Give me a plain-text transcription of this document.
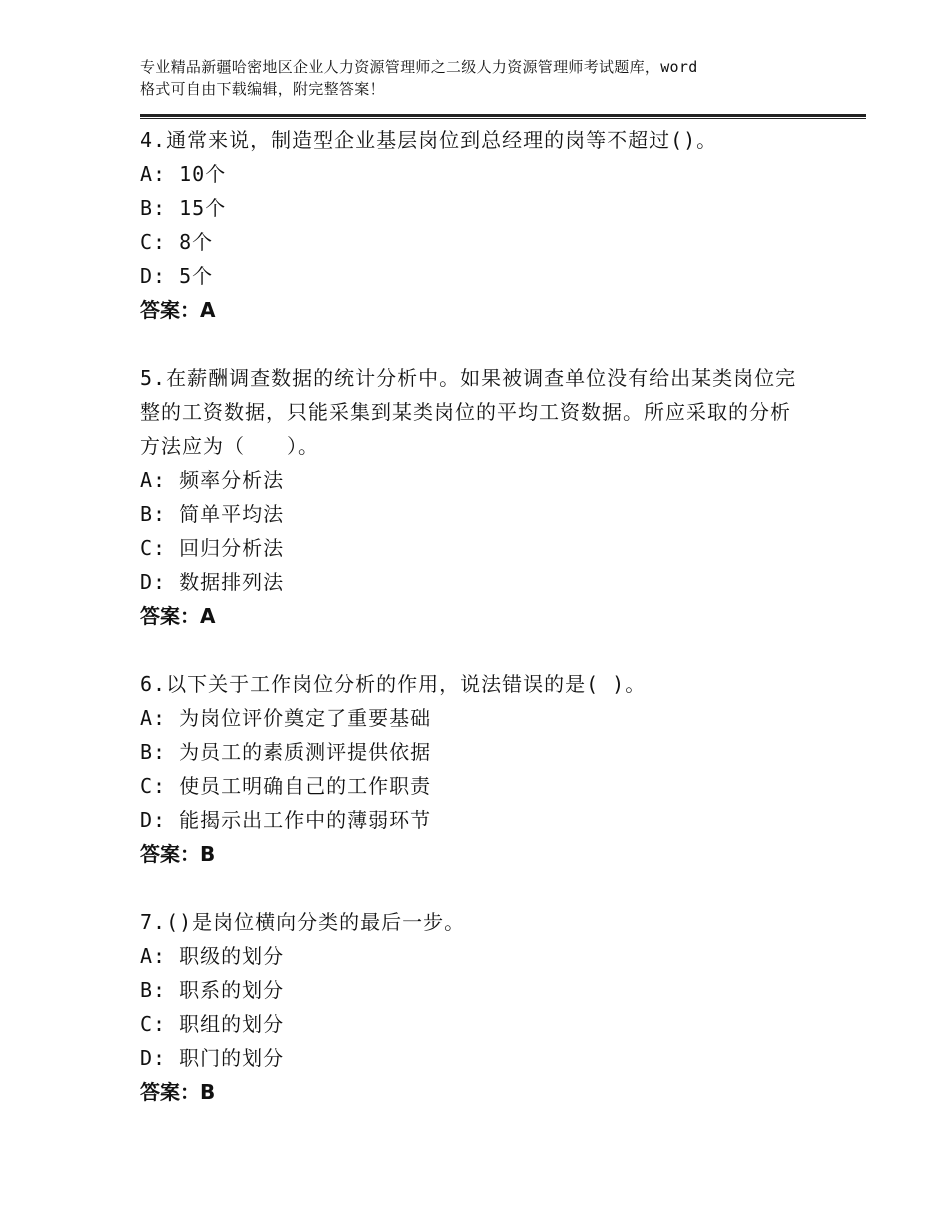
专业精品新疆哈密地区企业人力资源管理师之二级人力资源管理师考试题库，word
格式可自由下载编辑，附完整答案！
4.通常来说，制造型企业基层岗位到总经理的岗等不超过()。
A: 10个
B: 15个
C: 8个
D: 5个
答案：A
5.在薪酬调查数据的统计分析中。如果被调查单位没有给出某类岗位完整的工资数据，只能采集到某类岗位的平均工资数据。所应采取的分析方法应为（　　）。
A: 频率分析法
B: 简单平均法
C: 回归分析法
D: 数据排列法
答案：A
6.以下关于工作岗位分析的作用，说法错误的是( )。
A: 为岗位评价奠定了重要基础
B: 为员工的素质测评提供依据
C: 使员工明确自己的工作职责
D: 能揭示出工作中的薄弱环节
答案：B
7.()是岗位横向分类的最后一步。
A: 职级的划分
B: 职系的划分
C: 职组的划分
D: 职门的划分
答案：B
